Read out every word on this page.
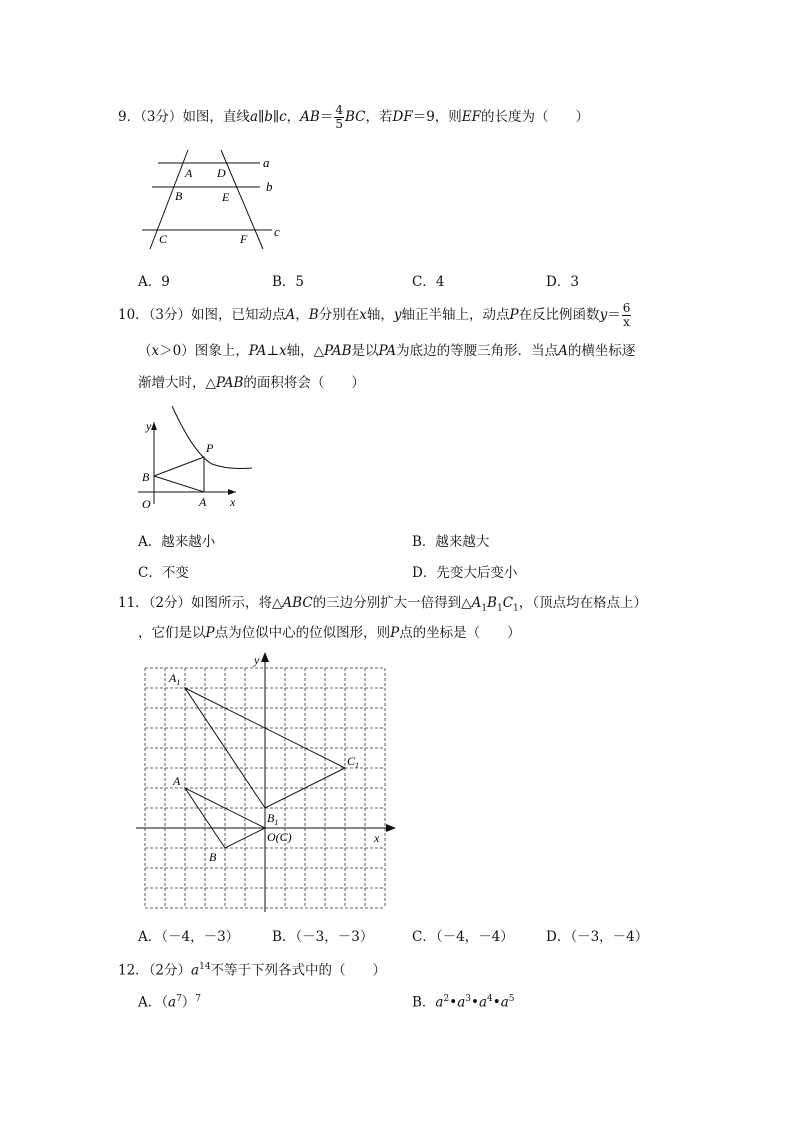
9．（3分）如图，直线a∥b∥c，$AB= \frac{4}{5}$ BC，若DF＝9，则EF的长度为（　　）
a
b
c
A D
B	E
C	F
A．9	B．5	C．4	D．3
10．（3分）如图，已知动点A，B分别在x轴，y轴正半轴上，动点P在反比例函数$y= \frac{6}{x}$
（x＞0）图象上，PA⊥x轴，△PAB是以PA为底边的等腰三角形．当点A的横坐标逐
渐增大时，△PAB的面积将会（　　）
y
x
P
B
O	A
A．越来越小	B．越来越大
C．不变	D．先变大后变小
11．（2分）如图所示，将△ABC的三边分别扩大一倍得到$\triangle A_1B_1C_1$，（顶点均在格点上）
，它们是以P点为位似中心的位似图形，则P点的坐标是（　　）
y
x
$A_1$
$C_1$
A
$B_1$
O(C)
B
A．（－4，－3） B．（－3，－3）	C．（－4，－4） D．（－3，－4）
12．（2分）$a^{14}$不等于下列各式中的（　　）
A．$(a^7)^7$	B．$a^2•a^3•a^4•a^5$
